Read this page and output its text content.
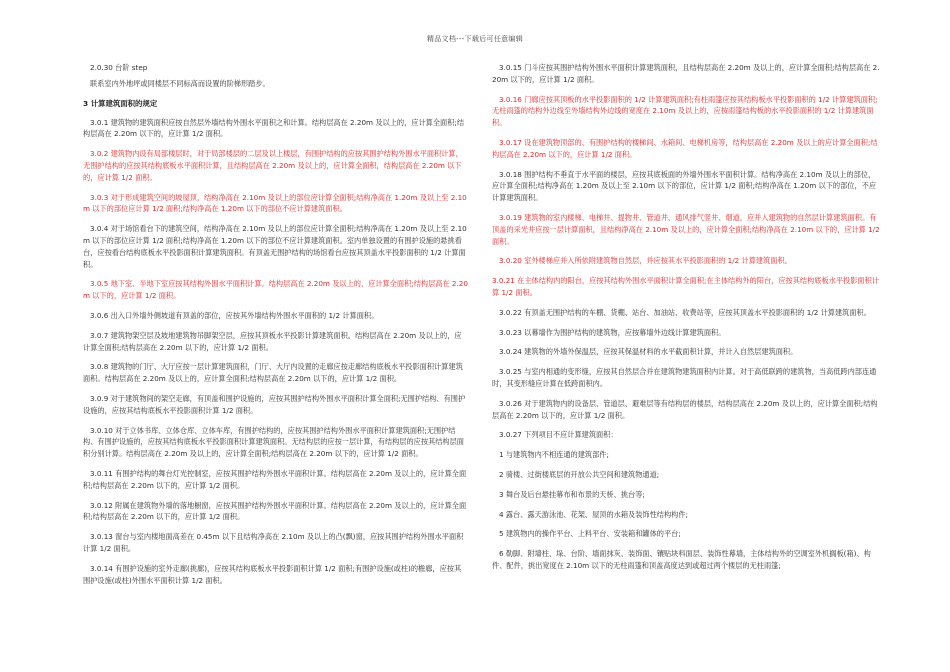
精品文档---下载后可任意编辑
2.0.30 台阶 step
联系室内外地坪或同楼层不同标高而设置的阶梯形踏步。
3 计算建筑面积的规定
3.0.1 建筑物的建筑面积应按自然层外墙结构外围水平面积之和计算。结构层高在 2.20m 及以上的，应计算全面积;结构层高在 2.20m 以下的，应计算 1/2 面积。
3.0.2 建筑物内设有局部楼层时，对于局部楼层的二层及以上楼层，有围护结构的应按其围护结构外围水平面积计算，无围护结构的应按其结构底板水平面积计算，且结构层高在 2.20m 及以上的，应计算全面积，结构层高在 2.20m 以下的，应计算 1/2 面积。
3.0.3 对于形成建筑空间的坡屋顶，结构净高在 2.10m 及以上的部位应计算全面积;结构净高在 1.20m 及以上至 2.10m 以下的部位应计算 1/2 面积;结构净高在 1.20m 以下的部位不应计算建筑面积。
3.0.4 对于场馆看台下的建筑空间，结构净高在 2.10m 及以上的部位应计算全面积;结构净高在 1.20m 及以上至 2.10m 以下的部位应计算 1/2 面积;结构净高在 1.20m 以下的部位不应计算建筑面积。室内单独设置的有围护设施的悬挑看台，应按看台结构底板水平投影面积计算建筑面积。有顶盖无围护结构的场馆看台应按其顶盖水平投影面积的 1/2 计算面积。
3.0.5 地下室、半地下室应按其结构外围水平面积计算。结构层高在 2.20m 及以上的，应计算全面积;结构层高在 2.20m 以下的，应计算 1/2 面积。
3.0.6 出入口外墙外侧坡道有顶盖的部位，应按其外墙结构外围水平面积的 1/2 计算面积。
3.0.7 建筑物架空层及坡地建筑物吊脚架空层，应按其顶板水平投影计算建筑面积。结构层高在 2.20m 及以上的，应计算全面积;结构层高在 2.20m 以下的，应计算 1/2 面积。
3.0.8 建筑物的门厅、大厅应按一层计算建筑面积，门厅、大厅内设置的走廊应按走廊结构底板水平投影面积计算建筑面积。结构层高在 2.20m 及以上的，应计算全面积;结构层高在 2.20m 以下的，应计算 1/2 面积。
3.0.9 对于建筑物间的架空走廊，有顶盖和围护设施的，应按其围护结构外围水平面积计算全面积;无围护结构、有围护设施的，应按其结构底板水平投影面积计算 1/2 面积。
3.0.10 对于立体书库、立体仓库、立体车库，有围护结构的，应按其围护结构外围水平面积计算建筑面积;无围护结构、有围护设施的，应按其结构底板水平投影面积计算建筑面积。无结构层的应按一层计算，有结构层的应按其结构层面积分别计算。结构层高在 2.20m 及以上的，应计算全面积;结构层高在 2.20m 以下的，应计算 1/2 面积。
3.0.11 有围护结构的舞台灯光控制室，应按其围护结构外围水平面积计算。结构层高在 2.20m 及以上的，应计算全面积;结构层高在 2.20m 以下的，应计算 1/2 面积。
3.0.12 附属在建筑物外墙的落地橱窗，应按其围护结构外围水平面积计算。结构层高在 2.20m 及以上的，应计算全面积;结构层高在 2.20m 以下的，应计算 1/2 面积。
3.0.13 窗台与室内楼地面高差在 0.45m 以下且结构净高在 2.10m 及以上的凸(飘)窗，应按其围护结构外围水平面积计算 1/2 面积。
3.0.14 有围护设施的室外走廊(挑廊)，应按其结构底板水平投影面积计算 1/2 面积;有围护设施(或柱)的檐廊，应按其围护设施(或柱)外围水平面积计算 1/2 面积。
3.0.15 门斗应按其围护结构外围水平面积计算建筑面积，且结构层高在 2.20m 及以上的，应计算全面积;结构层高在 2.20m 以下的，应计算 1/2 面积。
3.0.16 门廊应按其顶板的水平投影面积的 1/2 计算建筑面积;有柱雨篷应按其结构板水平投影面积的 1/2 计算建筑面积;无柱雨篷的结构外边线至外墙结构外边线的宽度在 2.10m 及以上的，应按雨篷结构板的水平投影面积的 1/2 计算建筑面积。
3.0.17 设在建筑物顶部的、有围护结构的楼梯间、水箱间、电梯机房等，结构层高在 2.20m 及以上的应计算全面积;结构层高在 2.20m 以下的，应计算 1/2 面积。
3.0.18 围护结构不垂直于水平面的楼层，应按其底板面的外墙外围水平面积计算。结构净高在 2.10m 及以上的部位，应计算全面积;结构净高在 1.20m 及以上至 2.10m 以下的部位，应计算 1/2 面积;结构净高在 1.20m 以下的部位，不应计算建筑面积。
3.0.19 建筑物的室内楼梯、电梯井、提物井、管道井、通风排气竖井、烟道，应并入建筑物的自然层计算建筑面积。有顶盖的采光井应按一层计算面积，且结构净高在 2.10m 及以上的，应计算全面积;结构净高在 2.10m 以下的，应计算 1/2 面积。
3.0.20 室外楼梯应并入所依附建筑物自然层，并应按其水平投影面积的 1/2 计算建筑面积。
3.0.21 在主体结构内的阳台，应按其结构外围水平面积计算全面积;在主体结构外的阳台，应按其结构底板水平投影面积计算 1/2 面积。
3.0.22 有顶盖无围护结构的车棚、货棚、站台、加油站、收费站等，应按其顶盖水平投影面积的 1/2 计算建筑面积。
3.0.23 以幕墙作为围护结构的建筑物，应按幕墙外边线计算建筑面积。
3.0.24 建筑物的外墙外保温层，应按其保温材料的水平截面积计算，并计入自然层建筑面积。
3.0.25 与室内相通的变形缝，应按其自然层合并在建筑物建筑面积内计算。对于高低联跨的建筑物，当高低跨内部连通时，其变形缝应计算在低跨面积内。
3.0.26 对于建筑物内的设备层、管道层、避难层等有结构层的楼层，结构层高在 2.20m 及以上的，应计算全面积;结构层高在 2.20m 以下的，应计算 1/2 面积。
3.0.27 下列项目不应计算建筑面积：
1 与建筑物内不相连通的建筑部件;
2 骑楼、过街楼底层的开放公共空间和建筑物通道;
3 舞台及后台悬挂幕布和布景的天桥、挑台等;
4 露台、露天游泳池、花架、屋顶的水箱及装饰性结构构件;
5 建筑物内的操作平台、上料平台、安装箱和罐体的平台;
6 勒脚、附墙柱、垛、台阶、墙面抹灰、装饰面、镶贴块料面层、装饰性幕墙，主体结构外的空调室外机搁板(箱)、构件、配件，挑出宽度在 2.10m 以下的无柱雨篷和顶盖高度达到或超过两个楼层的无柱雨篷;
